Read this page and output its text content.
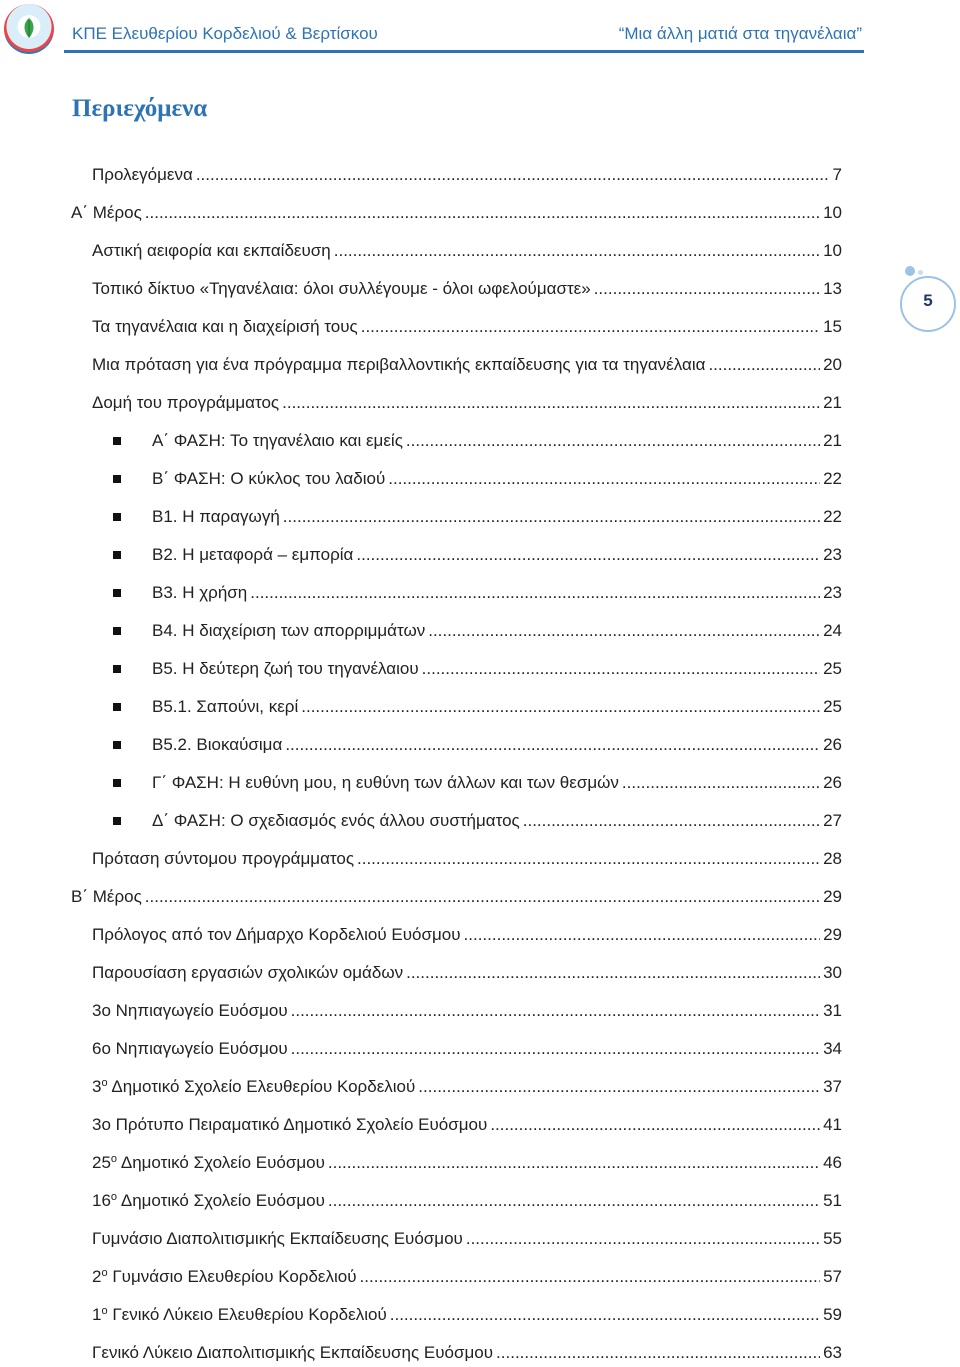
ΚΠΕ Ελευθερίου Κορδελιού & Βερτίσκου	“Μια άλλη ματιά στα τηγανέλαια”
Περιεχόμενα
5
Προλεγόμενα .....	7
Α΄ Μέρος .....	10
Αστική αειφορία και εκπαίδευση .....	10
Τοπικό δίκτυο «Τηγανέλαια: όλοι συλλέγουμε - όλοι ωφελούμαστε» .....	13
Τα τηγανέλαια και η διαχείρισή τους .....	15
Μια πρόταση για ένα πρόγραμμα περιβαλλοντικής εκπαίδευσης για τα τηγανέλαια .....	20
Δομή του προγράμματος .....	21
Α΄ ΦΑΣΗ: Το τηγανέλαιο και εμείς .....	21
Β΄ ΦΑΣΗ: Ο κύκλος του λαδιού .....	22
Β1. Η παραγωγή .....	22
Β2. Η μεταφορά – εμπορία .....	23
Β3. Η χρήση .....	23
Β4. Η διαχείριση των απορριμμάτων .....	24
Β5. Η δεύτερη ζωή του τηγανέλαιου .....	25
Β5.1. Σαπούνι, κερί .....	25
Β5.2. Βιοκαύσιμα .....	26
Γ΄ ΦΑΣΗ: Η ευθύνη μου, η ευθύνη των άλλων και των θεσμών .....	26
Δ΄ ΦΑΣΗ: Ο σχεδιασμός ενός άλλου συστήματος .....	27
Πρόταση σύντομου προγράμματος .....	28
Β΄ Μέρος .....	29
Πρόλογος από τον Δήμαρχο Κορδελιού Ευόσμου .....	29
Παρουσίαση εργασιών σχολικών ομάδων .....	30
3ο Νηπιαγωγείο Ευόσμου .....	31
6ο Νηπιαγωγείο Ευόσμου .....	34
$3^o$ Δημοτικό Σχολείο Ελευθερίου Κορδελιού .....	37
3ο Πρότυπο Πειραματικό Δημοτικό Σχολείο Ευόσμου .....	41
$25^o$ Δημοτικό Σχολείο Ευόσμου .....	46
$16^o$ Δημοτικό Σχολείο Ευόσμου .....	51
Γυμνάσιο Διαπολιτισμικής Εκπαίδευσης Ευόσμου .....	55
$2^o$ Γυμνάσιο Ελευθερίου Κορδελιού .....	57
$1^o$ Γενικό Λύκειο Ελευθερίου Κορδελιού .....	59
Γενικό Λύκειο Διαπολιτισμικής Εκπαίδευσης Ευόσμου .....	63
